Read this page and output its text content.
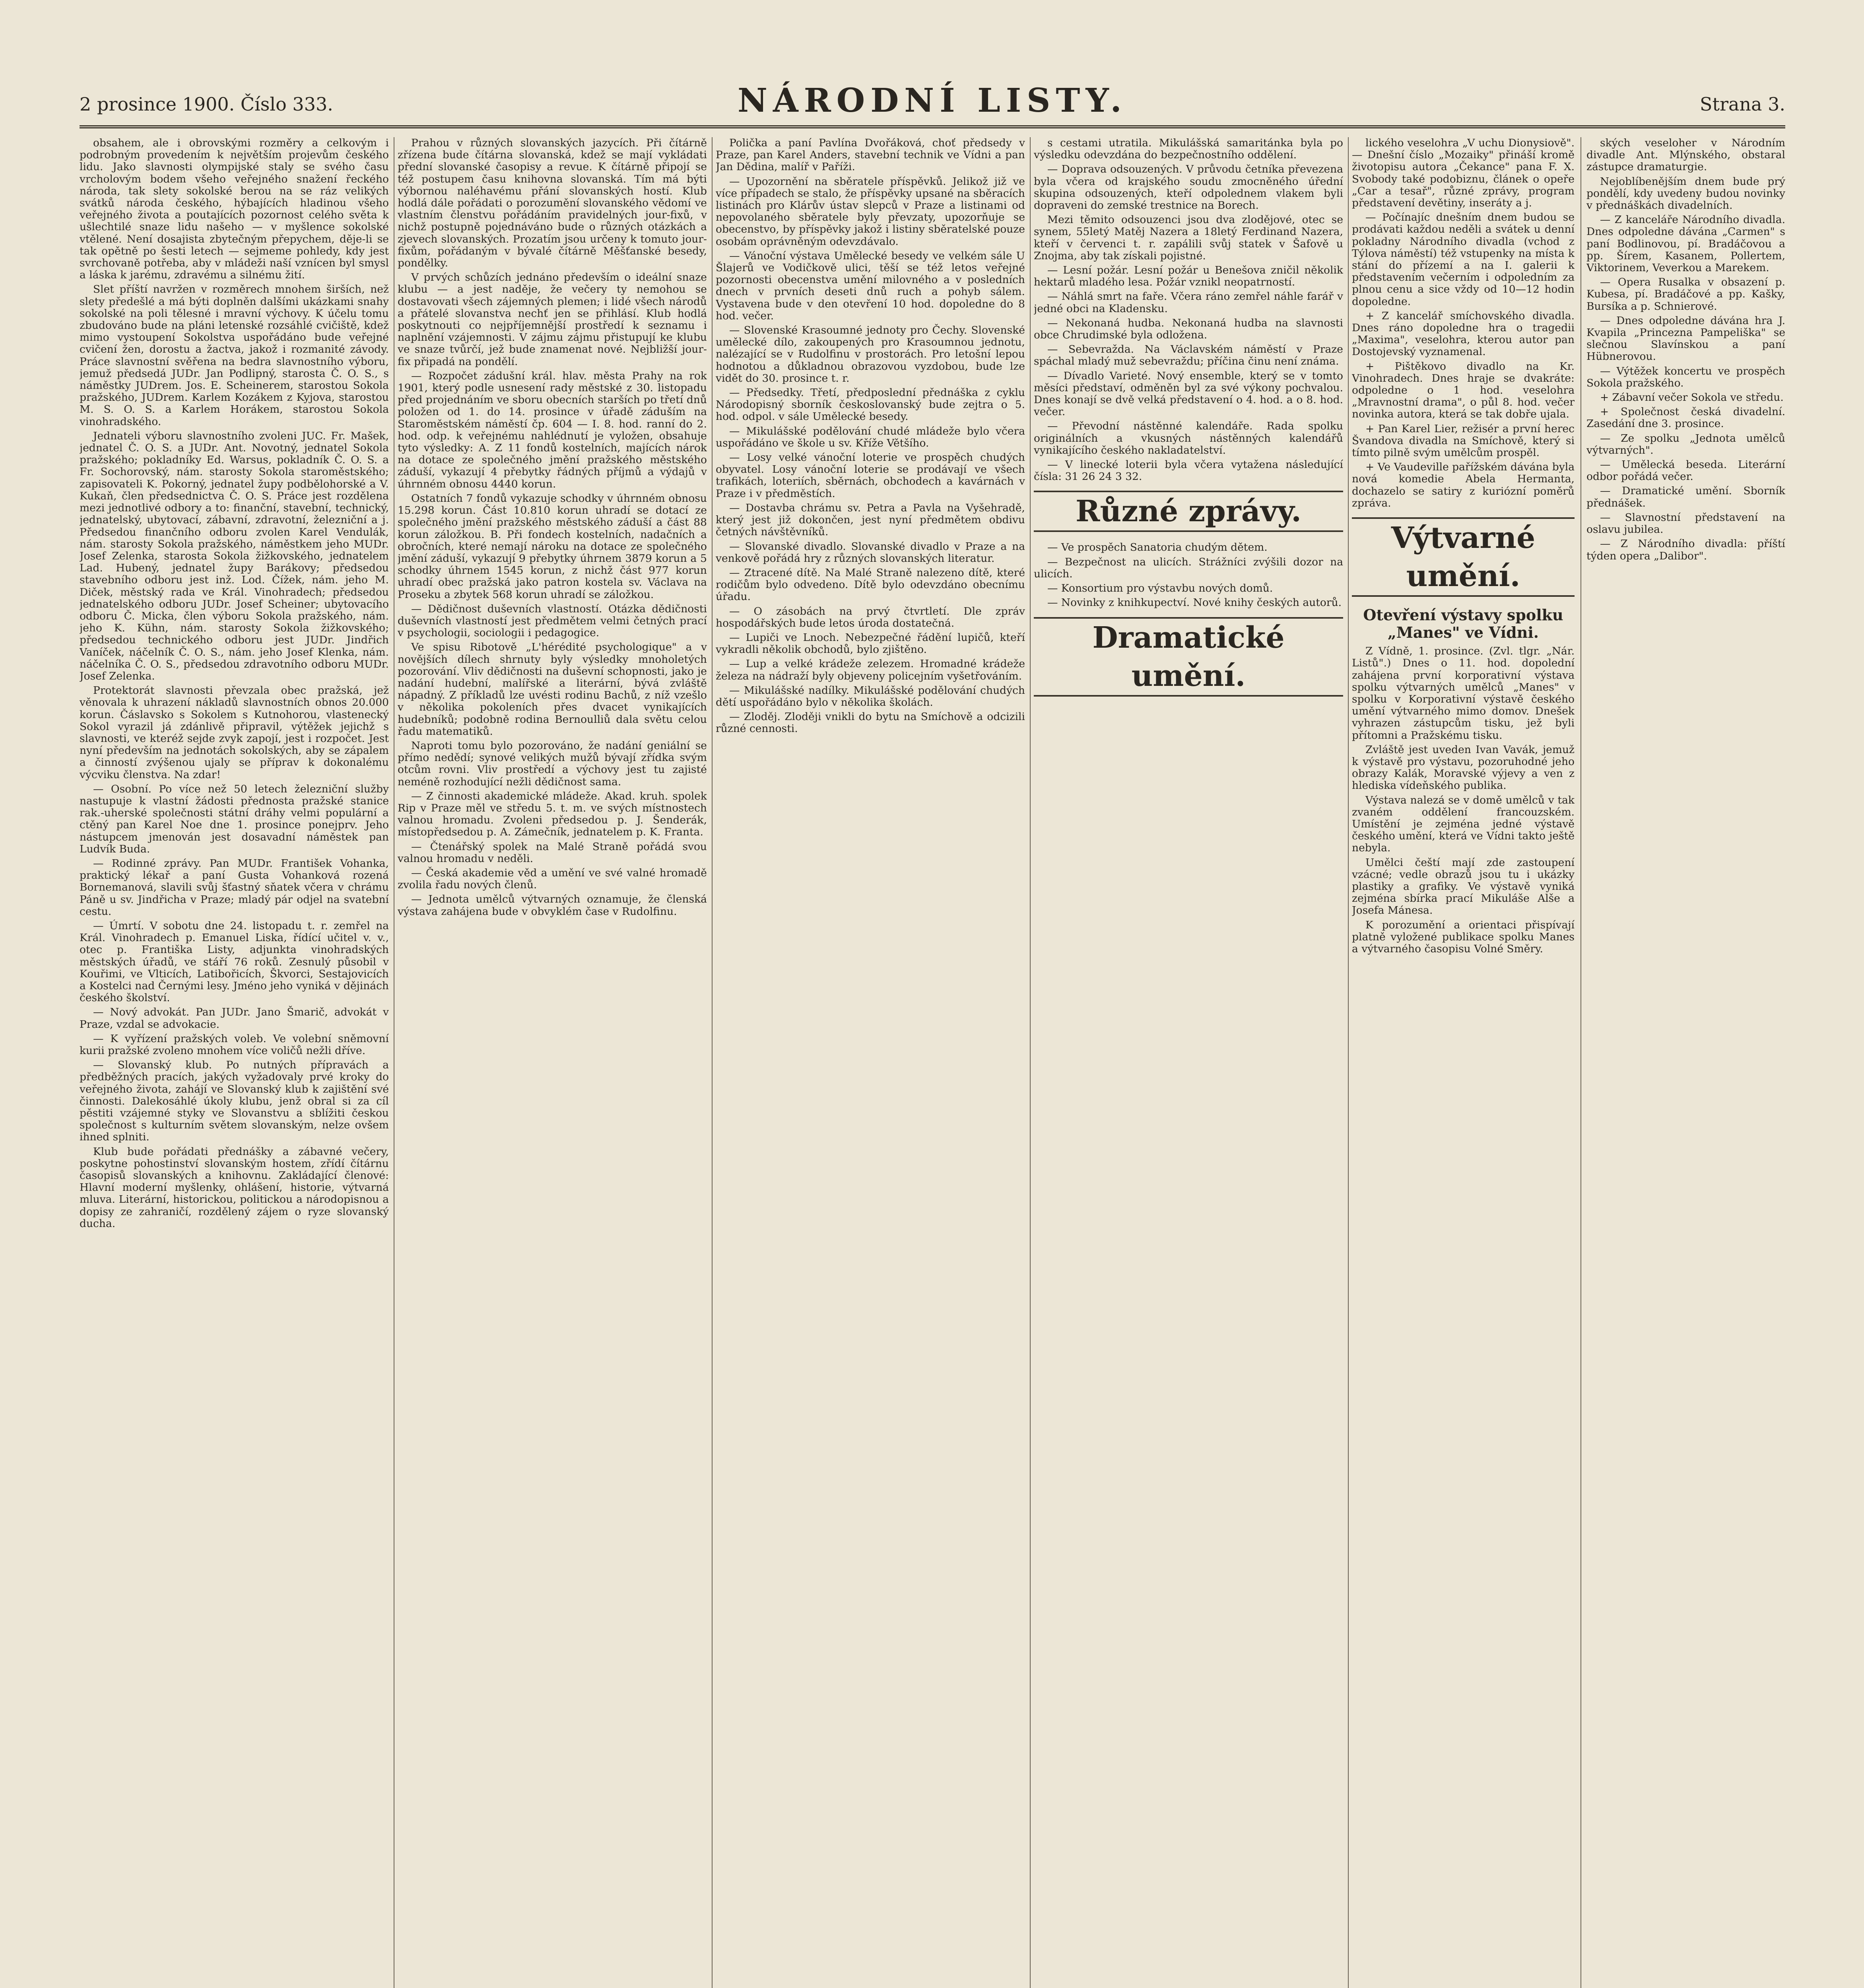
2 prosince 1900. Číslo 333.	NÁRODNÍ LISTY.	Strana 3.

obsahem, ale i obrovskými rozměry a celkovým i podrobným provedením k největším projevům českého lidu. Jako slavnosti olympijské staly se svého času vrcholovým bodem všeho veřejného snažení řeckého národa, tak slety sokolské berou na se ráz velikých svátků národa českého, hýbajících hladinou všeho veřejného života a poutajících pozornost celého světa k ušlechtilé snaze lidu našeho — v myšlence sokolské vtělené. Není dosajista zbytečným přepychem, děje-li se tak opětně po šesti letech — sejmeme pohledy, kdy jest svrchovaně potřeba, aby v mládeži naší vznícen byl smysl a láska k jarému, zdravému a silnému žití.

Slet příští navržen v rozměrech mnohem širších, než slety předešlé a má býti doplněn dalšími ukázkami snahy sokolské na poli tělesné i mravní výchovy. K účelu tomu zbudováno bude na pláni letenské rozsáhlé cvičiště, kdež mimo vystoupení Sokolstva uspořádáno bude veřejné cvičení žen, dorostu a žactva, jakož i rozmanité závody. Práce slavnostní svěřena na bedra slavnostního výboru, jemuž předsedá JUDr. Jan Podlipný, starosta Č. O. S., s náměstky JUDrem. Jos. E. Scheinerem, starostou Sokola pražského, JUDrem. Karlem Kozákem z Kyjova, starostou M. S. O. S. a Karlem Horákem, starostou Sokola vinohradského.

Jednateli výboru slavnostního zvoleni JUC. Fr. Mašek, jednatel Č. O. S. a JUDr. Ant. Novotný, jednatel Sokola pražského; pokladníky Ed. Warsus, pokladník Č. O. S. a Fr. Sochorovský, nám. starosty Sokola staroměstského; zapisovateli K. Pokorný, jednatel župy podbělohorské a V. Kukaň, člen předsednictva Č. O. S. Práce jest rozdělena mezi jednotlivé odbory a to: finanční, stavební, technický, jednatelský, ubytovací, zábavní, zdravotní, železniční a j. Předsedou finančního odboru zvolen Karel Vendulák, nám. starosty Sokola pražského, náměstkem jeho MUDr. Josef Zelenka, starosta Sokola žižkovského, jednatelem Lad. Hubený, jednatel župy Barákovy; předsedou stavebního odboru jest inž. Lod. Čížek, nám. jeho M. Diček, městský rada ve Král. Vinohradech; předsedou jednatelského odboru JUDr. Josef Scheiner; ubytovacího odboru Č. Micka, člen výboru Sokola pražského, nám. jeho K. Kühn, nám. starosty Sokola žižkovského; předsedou technického odboru jest JUDr. Jindřich Vaníček, náčelník Č. O. S., nám. jeho Josef Klenka, nám. náčelníka Č. O. S., předsedou zdravotního odboru MUDr. Josef Zelenka.

Protektorát slavnosti převzala obec pražská, jež věnovala k uhrazení nákladů slavnostních obnos 20.000 korun. Čáslavsko s Sokolem s Kutnohorou, vlastenecký Sokol vyrazil já zdánlivě připravil, výtěžek jejichž s slavnosti, ve kteréž sejde zvyk zapojí, jest i rozpočet. Jest nyní především na jednotách sokolských, aby se zápalem a činností zvýšenou ujaly se příprav k dokonalému výcviku členstva. Na zdar!

— Osobní. Po více než 50 letech železniční služby nastupuje k vlastní žádosti přednosta pražské stanice rak.-uherské společnosti státní dráhy velmi populární a ctěný pan Karel Noe dne 1. prosince ponejprv. Jeho nástupcem jmenován jest dosavadní náměstek pan Ludvík Buda.

— Rodinné zprávy. Pan MUDr. František Vohanka, praktický lékař a paní Gusta Vohanková rozená Bornemanová, slavili svůj šťastný sňatek včera v chrámu Páně u sv. Jindřicha v Praze; mladý pár odjel na svatební cestu.

— Úmrtí. V sobotu dne 24. listopadu t. r. zemřel na Král. Vinohradech p. Emanuel Liska, řídící učitel v. v., otec p. Františka Listy, adjunkta vinohradských městských úřadů, ve stáří 76 roků. Zesnulý působil v Kouřimi, ve Vlticích, Latibořicích, Škvorci, Sestajovicích a Kostelci nad Černými lesy. Jméno jeho vyniká v dějinách českého školství.

— Nový advokát. Pan JUDr. Jano Šmarič, advokát v Praze, vzdal se advokacie.

— K vyřízení pražských voleb. Ve volební sněmovní kurii pražské zvoleno mnohem více voličů nežli dříve.

— Slovanský klub. Po nutných přípravách a předběžných pracích, jakých vyžadovaly prvé kroky do veřejného života, zahájí ve Slovanský klub k zajištění své činnosti. Dalekosáhlé úkoly klubu, jenž obral si za cíl pěstiti vzájemné styky ve Slovanstvu a sblížiti českou společnost s kulturním světem slovanským, nelze ovšem ihned splniti.

Klub bude pořádati přednášky a zábavné večery, poskytne pohostinství slovanským hostem, zřídí čítárnu časopisů slovanských a knihovnu. Zakládající členové: Hlavní moderní myšlenky, ohlášení, historie, výtvarná mluva. Literární, historickou, politickou a národopisnou a dopisy ze zahraničí, rozdělený zájem o ryze slovanský ducha.

Prahou v různých slovanských jazycích. Při čítárně zřízena bude čítárna slovanská, kdež se mají vykládati přední slovanské časopisy a revue. K čítárně připojí se též postupem času knihovna slovanská. Tím má býti výbornou naléhavému přání slovanských hostí. Klub hodlá dále pořádati o porozumění slovanského vědomí ve vlastním členstvu pořádáním pravidelných jour-fixů, v nichž postupně pojednáváno bude o různých otázkách a zjevech slovanských. Prozatím jsou určeny k tomuto jour-fixům, pořádaným v bývalé čítárně Měšťanské besedy, pondělky.

V prvých schůzích jednáno především o ideální snaze klubu — a jest naděje, že večery ty nemohou se dostavovati všech zájemných plemen; i lidé všech národů a přátelé slovanstva nechť jen se přihlásí. Klub hodlá poskytnouti co nejpříjemnější prostředí k seznamu i naplnění vzájemnosti. V zájmu zájmu přistupují ke klubu ve snaze tvůrčí, jež bude znamenat nové. Nejbližší jour-fix připadá na pondělí.

— Rozpočet zádušní král. hlav. města Prahy na rok 1901, který podle usnesení rady městské z 30. listopadu před projednáním ve sboru obecních starších po třetí dnů položen od 1. do 14. prosince v úřadě záduším na Staroměstském náměstí čp. 604 — I. 8. hod. ranní do 2. hod. odp. k veřejnému nahlédnutí je vyložen, obsahuje tyto výsledky: A. Z 11 fondů kostelních, majících nárok na dotace ze společného jmění pražského městského záduší, vykazují 4 přebytky řádných příjmů a výdajů v úhrnném obnosu 4440 korun.

Ostatních 7 fondů vykazuje schodky v úhrnném obnosu 15.298 korun. Část 10.810 korun uhradí se dotací ze společného jmění pražského městského záduší a část 88 korun záložkou. B. Při fondech kostelních, nadačních a obročních, které nemají nároku na dotace ze společného jmění záduší, vykazují 9 přebytky úhrnem 3879 korun a 5 schodky úhrnem 1545 korun, z nichž část 977 korun uhradí obec pražská jako patron kostela sv. Václava na Proseku a zbytek 568 korun uhradí se záložkou.

— Dědičnost duševních vlastností. Otázka dědičnosti duševních vlastností jest předmětem velmi četných prací v psychologii, sociologii i pedagogice.

Ve spisu Ribotově „L'hérédité psychologique" a v novějších dílech shrnuty byly výsledky mnoholetých pozorování. Vliv dědičnosti na duševní schopnosti, jako je nadání hudební, malířské a literární, bývá zvláště nápadný. Z příkladů lze uvésti rodinu Bachů, z níž vzešlo v několika pokoleních přes dvacet vynikajících hudebníků; podobně rodina Bernoulliů dala světu celou řadu matematiků.

Naproti tomu bylo pozorováno, že nadání geniální se přímo nedědí; synové velikých mužů bývají zřídka svým otcům rovni. Vliv prostředí a výchovy jest tu zajisté neméně rozhodující nežli dědičnost sama.

— Z činnosti akademické mládeže. Akad. kruh. spolek Rip v Praze měl ve středu 5. t. m. ve svých místnostech valnou hromadu. Zvoleni předsedou p. J. Šenderák, místopředsedou p. A. Zámečník, jednatelem p. K. Franta.

— Čtenářský spolek na Malé Straně pořádá svou valnou hromadu v neděli.

— Česká akademie věd a umění ve své valné hromadě zvolila řadu nových členů.

— Jednota umělců výtvarných oznamuje, že členská výstava zahájena bude v obvyklém čase v Rudolfinu.

Polička a paní Pavlína Dvořáková, choť předsedy v Praze, pan Karel Anders, stavební technik ve Vídni a pan Jan Dědina, malíř v Paříži.

— Upozornění na sběratele příspěvků. Jelikož již ve více případech se stalo, že příspěvky upsané na sběracích listinách pro Klárův ústav slepců v Praze a listinami od nepovolaného sběratele byly převzaty, upozorňuje se obecenstvo, by příspěvky jakož i listiny sběratelské pouze osobám oprávněným odevzdávalo.

— Vánoční výstava Umělecké besedy ve velkém sále U Šlajerů ve Vodičkově ulici, těší se též letos veřejné pozornosti obecenstva umění milovného a v posledních dnech v prvních deseti dnů ruch a pohyb sálem. Vystavena bude v den otevření 10 hod. dopoledne do 8 hod. večer.

— Slovenské Krasoumné jednoty pro Čechy. Slovenské umělecké dílo, zakoupených pro Krasoumnou jednotu, nalézající se v Rudolfinu v prostorách. Pro letošní lepou hodnotou a důkladnou obrazovou vyzdobou, bude lze vidět do 30. prosince t. r.

— Předsedky. Třetí, předposlední přednáška z cyklu Národopisný sborník českoslovanský bude zejtra o 5. hod. odpol. v sále Umělecké besedy.

— Mikulášské podělování chudé mládeže bylo včera uspořádáno ve škole u sv. Kříže Většího.

— Losy velké vánoční loterie ve prospěch chudých obyvatel. Losy vánoční loterie se prodávají ve všech trafikách, loteriích, sběrnách, obchodech a kavárnách v Praze i v předměstích.

— Dostavba chrámu sv. Petra a Pavla na Vyšehradě, který jest již dokončen, jest nyní předmětem obdivu četných návštěvníků.

— Slovanské divadlo. Slovanské divadlo v Praze a na venkově pořádá hry z různých slovanských literatur.

— Ztracené dítě. Na Malé Straně nalezeno dítě, které rodičům bylo odvedeno. Dítě bylo odevzdáno obecnímu úřadu.

— O zásobách na prvý čtvrtletí. Dle zpráv hospodářských bude letos úroda dostatečná.

— Lupiči ve Lnoch. Nebezpečné řádění lupičů, kteří vykradli několik obchodů, bylo zjištěno.

— Lup a velké krádeže zelezem. Hromadné krádeže železa na nádraží byly objeveny policejním vyšetřováním.

— Mikulášské nadílky. Mikulášské podělování chudých dětí uspořádáno bylo v několika školách.

— Zloděj. Zloději vnikli do bytu na Smíchově a odcizili různé cennosti.

s cestami utratila. Mikulášská samaritánka byla po výsledku odevzdána do bezpečnostního oddělení.

— Doprava odsouzených. V průvodu četníka převezena byla včera od krajského soudu zmocněného úřední skupina odsouzených, kteří odpolednem vlakem byli dopraveni do zemské trestnice na Borech.

Mezi těmito odsouzenci jsou dva zlodějové, otec se synem, 55letý Matěj Nazera a 18letý Ferdinand Nazera, kteří v červenci t. r. zapálili svůj statek v Šafově u Znojma, aby tak získali pojistné.

— Lesní požár. Lesní požár u Benešova zničil několik hektarů mladého lesa. Požár vznikl neopatrností.

— Náhlá smrt na faře. Včera ráno zemřel náhle farář v jedné obci na Kladensku.

— Nekonaná hudba. Nekonaná hudba na slavnosti obce Chrudimské byla odložena.

— Sebevražda. Na Václavském náměstí v Praze spáchal mladý muž sebevraždu; příčina činu není známa.

— Dívadlo Varieté. Nový ensemble, který se v tomto měsíci představí, odměněn byl za své výkony pochvalou. Dnes konají se dvě velká představení o 4. hod. a o 8. hod. večer.

— Převodní nástěnné kalendáře. Rada spolku originálních a vkusných nástěnných kalendářů vynikajícího českého nakladatelství.

— V linecké loterii byla včera vytažena následující čísla: 31 26 24 3 32.

Různé zprávy.

— Ve prospěch Sanatoria chudým dětem.

— Bezpečnost na ulicích. Strážníci zvýšili dozor na ulicích.

— Konsortium pro výstavbu nových domů.

— Novinky z knihkupectví. Nové knihy českých autorů.

Dramatické umění.

lického veselohra „V uchu Dionysiově". — Dnešní číslo „Mozaiky" přináší kromě životopisu autora „Čekance" pana F. X. Svobody také podobiznu, článek o opeře „Car a tesař", různé zprávy, program představení devětiny, inseráty a j.

— Počínajíc dnešním dnem budou se prodávati každou neděli a svátek u denní pokladny Národního divadla (vchod z Týlova náměstí) též vstupenky na místa k stání do přízemí a na I. galerii k představením večerním i odpoledním za plnou cenu a sice vždy od 10—12 hodin dopoledne.

+ Z kancelář smíchovského divadla. Dnes ráno dopoledne hra o tragedii „Maxima", veselohra, kterou autor pan Dostojevský vyznamenal.

+ Pištěkovo divadlo na Kr. Vinohradech. Dnes hraje se dvakráte: odpoledne o 1 hod. veselohra „Mravnostní drama", o půl 8. hod. večer novinka autora, která se tak dobře ujala.

+ Pan Karel Lier, režisér a první herec Švandova divadla na Smíchově, který si tímto pilně svým umělcům prospěl.

+ Ve Vaudeville pařížském dávána byla nová komedie Abela Hermanta, dochazelo se satiry z kuriózní poměrů zpráva.

Výtvarné umění.
Otevření výstavy spolku „Manes" ve Vídni.

Z Vídně, 1. prosince. (Zvl. tlgr. „Nár. Listů".) Dnes o 11. hod. dopolední zahájena první korporativní výstava spolku výtvarných umělců „Manes" v spolku v Korporativní výstavě českého umění výtvarného mimo domov. Dnešek vyhrazen zástupcům tisku, jež byli přítomni a Pražskému tisku.

Zvláště jest uveden Ivan Vavák, jemuž k výstavě pro výstavu, pozoruhodné jeho obrazy Kalák, Moravské výjevy a ven z hlediska vídeňského publika.

Výstava nalezá se v domě umělců v tak zvaném oddělení francouzském. Umístění je zejména jedné výstavě českého umění, která ve Vídni takto ještě nebyla.

Umělci čeští mají zde zastoupení vzácné; vedle obrazů jsou tu i ukázky plastiky a grafiky. Ve výstavě vyniká zejména sbírka prací Mikuláše Alše a Josefa Mánesa.

K porozumění a orientaci přispívají platně vyložené publikace spolku Manes a výtvarného časopisu Volné Směry.

ských veseloher v Národním divadle Ant. Mlýnského, obstaral zástupce dramaturgie.

Nejoblíbenějším dnem bude prý pondělí, kdy uvedeny budou novinky v přednáškách divadelních.

— Z kanceláře Národního divadla. Dnes odpoledne dávána „Carmen" s paní Bodlinovou, pí. Bradáčovou a pp. Šírem, Kasanem, Pollertem, Viktorinem, Veverkou a Marekem.

— Opera Rusalka v obsazení p. Kubesa, pí. Bradáčové a pp. Kašky, Bursíka a p. Schnierové.

— Dnes odpoledne dávána hra J. Kvapila „Princezna Pampeliška" se slečnou Slavínskou a paní Hübnerovou.

— Výtěžek koncertu ve prospěch Sokola pražského.

+ Zábavní večer Sokola ve středu.

+ Společnost česká divadelní. Zasedání dne 3. prosince.

— Ze spolku „Jednota umělců výtvarných".

— Umělecká beseda. Literární odbor pořádá večer.

— Dramatické umění. Sborník přednášek.

— Slavnostní představení na oslavu jubilea.

— Z Národního divadla: příští týden opera „Dalibor".
